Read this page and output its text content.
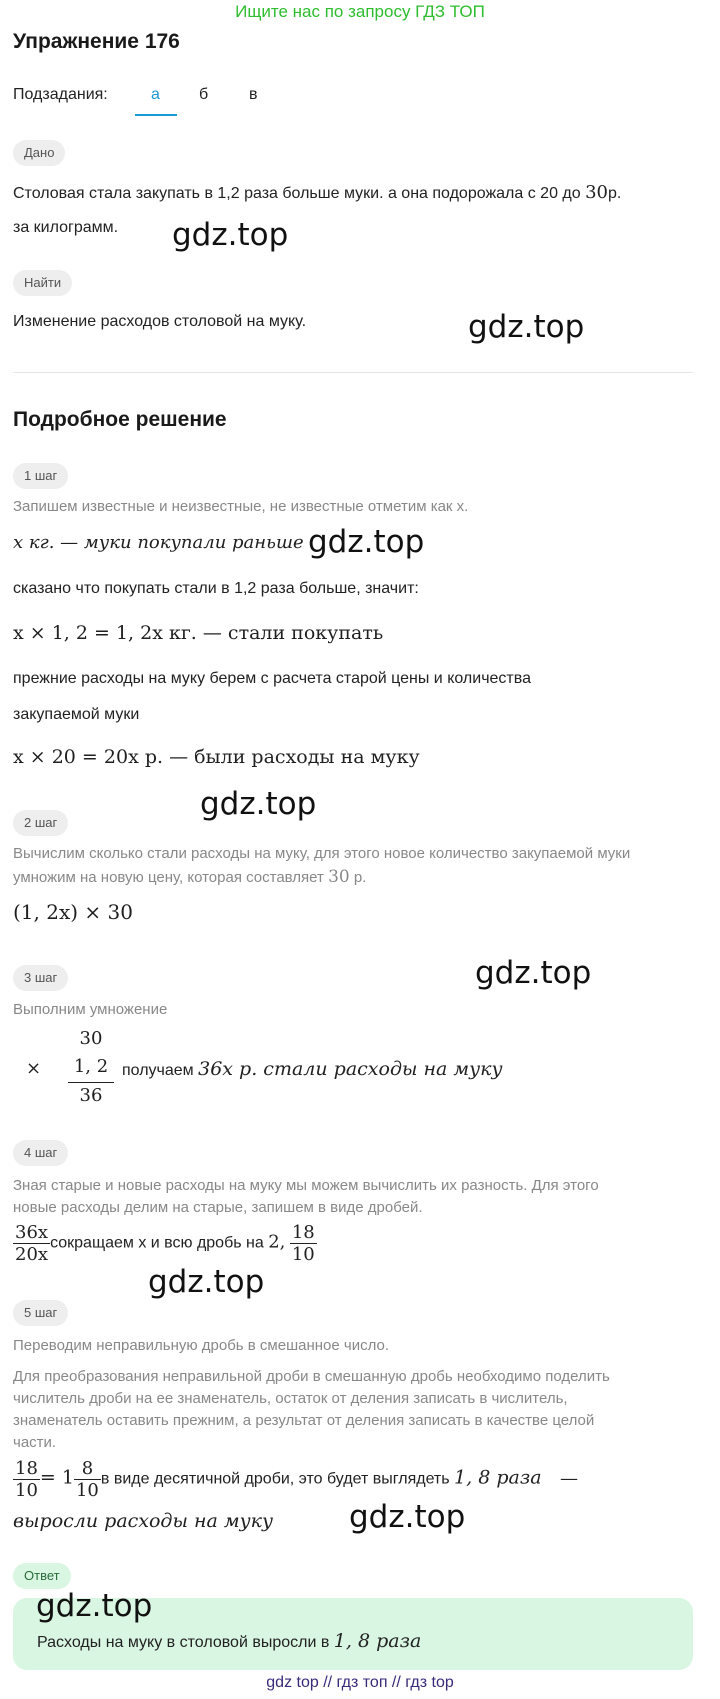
Ищите нас по запросу ГДЗ ТОП
Упражнение 176
Подзадания:	а б	в
Дано
Столовая стала закупать в 1,2 раза больше муки. а она подорожала с 20 до 30р.
за килограмм.
Найти
Изменение расходов столовой на муку.
Подробное решение
1 шаг
Запишем известные и неизвестные, не известные отметим как х.
x кг. — муки покупали раньше
сказано что покупать стали в 1,2 раза больше, значит:
x × 1, 2 = 1, 2x кг. — стали покупать
прежние расходы на муку берем с расчета старой цены и количества
закупаемой муки
x × 20 = 20x р. — были расходы на муку
2 шаг
Вычислим сколько стали расходы на муку, для этого новое количество закупаемой муки
умножим на новую цену, которая составляет 30 р.
(1, 2x) × 30
3 шаг
Выполним умножение
×
30
1, 2
36
получаем 36x р. стали расходы на муку
4 шаг
Зная старые и новые расходы на муку мы можем вычислить их разность. Для этого
новые расходы делим на старые, запишем в виде дробей.
$\frac{36x}{20x}$ сокращаем х и всю дробь на 2, $\frac{18}{10}$
5 шаг
Переводим неправильную дробь в смешанное число.
Для преобразования неправильной дроби в смешанную дробь необходимо поделить
числитель дроби на ее знаменатель, остаток от деления записать в числитель,
знаменатель оставить прежним, а результат от деления записать в качестве целой
части.
$\frac{18}{10} = 1 \frac{8}{10}$ в виде десятичной дроби, это будет выглядеть 1, 8 раза —
выросли расходы на муку
Ответ
Расходы на муку в столовой выросли в 1, 8 раза
gdz.top
gdz.top
gdz.top
gdz.top
gdz.top
gdz.top
gdz.top
gdz.top
gdz top // гдз топ // гдз top
